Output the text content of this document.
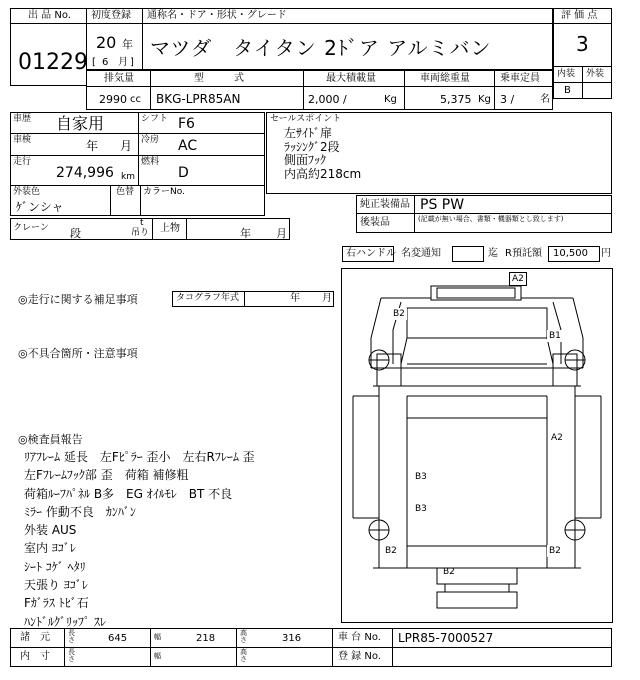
出 品 No.
01229
初度登録 通称名・ドア・形状・グレード
20 年
[ 6 月 ]
マツダ　タイタン 2ﾄﾞア アルミバン
評 価 点
3
内装 外装
B
排気量	型　　　式	最大積載量	車両総重量	乗車定員
2990 cc BKG-LPR85AN	2,000 /	Kg	5,375 Kg 3 /	名
車歴 自家用	シフト F6
車検	年 月 冷房 AC
走行
274,996 km
燃料
D
外装色
ｹﾞンシャ
色替 カラーNo.
クレーン 段
t
吊り 上物	年 月
セールスポイント
左ｻｲﾄﾞ扉
ﾗｯｼﾝｸﾞ2段
側面ﾌｯｸ
内高約218cm
純正装備品 PS PW
後装品	(記載が無い場合、書類・機器類とし致します)
右ハンドル 名変通知	迄 R預託額 10,500 円
◎走行に関する補足事項	タコグラフ年式	年 月
◎不具合箇所・注意事項
◎検査員報告
ﾘｱﾌﾚｰﾑ 延長　左Fﾋﾟﾗｰ 歪小　左右Rﾌﾚｰﾑ 歪
左Fﾌﾚｰﾑﾌｯｸ部 歪　荷箱 補修粗
荷箱ﾙｰﾌﾊﾟﾈﾙ B多　EG ｵｲﾙﾓﾚ　BT 不良
ﾐﾗｰ 作動不良　ｶﾝﾊﾞﾝ
外装 AUS
室内 ﾖｺﾞﾚ
ｼｰﾄ ｺｹﾞ ﾍﾀﾘ
天張り ﾖｺﾞﾚ
Fｶﾞﾗｽ ﾄﾋﾞ石
ﾊﾝﾄﾞﾙｸﾞﾘｯﾌﾟ ｽﾚ
A2
B2
B1
A2
B3
B3
B2	B2
B2
諸　元	長さ	645	幅	218	高さ	316	車 台 No. LPR85-7000527
内　寸	長さ	幅	高さ	登 録 No.
